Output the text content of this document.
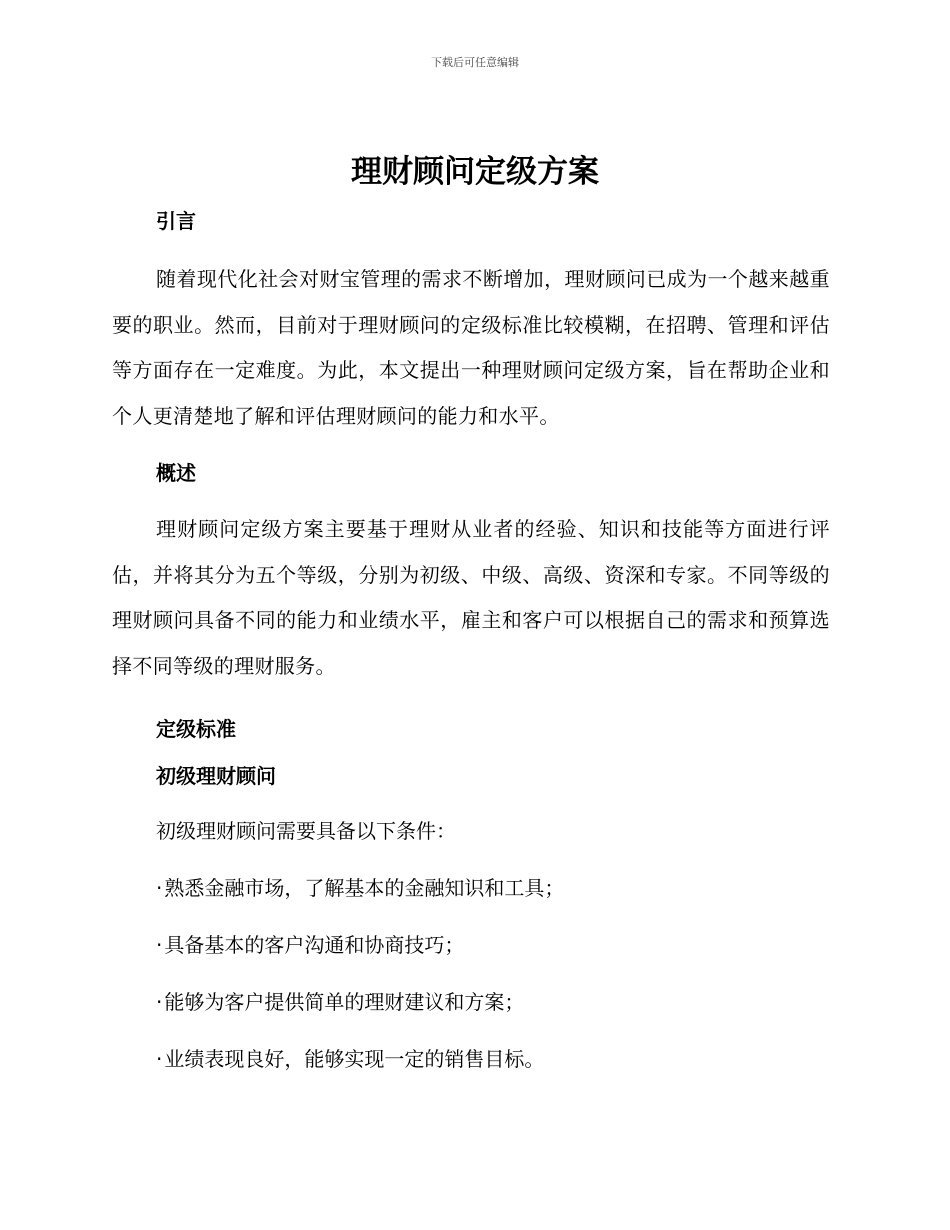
下载后可任意编辑
理财顾问定级方案
引言

随着现代化社会对财宝管理的需求不断增加，理财顾问已成为一个越来越重要的职业。然而，目前对于理财顾问的定级标准比较模糊，在招聘、管理和评估等方面存在一定难度。为此，本文提出一种理财顾问定级方案，旨在帮助企业和个人更清楚地了解和评估理财顾问的能力和水平。

概述

理财顾问定级方案主要基于理财从业者的经验、知识和技能等方面进行评估，并将其分为五个等级，分别为初级、中级、高级、资深和专家。不同等级的理财顾问具备不同的能力和业绩水平，雇主和客户可以根据自己的需求和预算选择不同等级的理财服务。

定级标准
初级理财顾问

初级理财顾问需要具备以下条件：

· 熟悉金融市场，了解基本的金融知识和工具；
· 具备基本的客户沟通和协商技巧；
· 能够为客户提供简单的理财建议和方案；
· 业绩表现良好，能够实现一定的销售目标。
